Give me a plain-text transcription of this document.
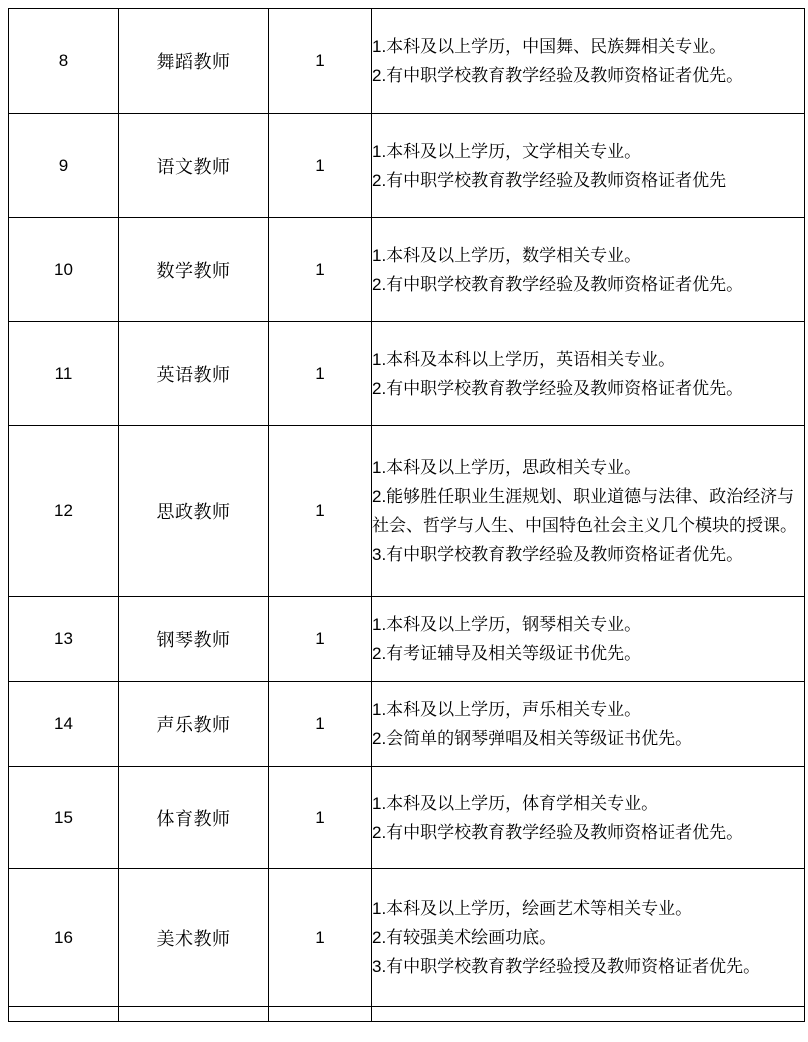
8	舞蹈教师	1	1.本科及以上学历，中国舞、民族舞相关专业。
2.有中职学校教育教学经验及教师资格证者优先。

9	语文教师	1	1.本科及以上学历，文学相关专业。
2.有中职学校教育教学经验及教师资格证者优先

10	数学教师	1	1.本科及以上学历，数学相关专业。
2.有中职学校教育教学经验及教师资格证者优先。

11	英语教师	1	1.本科及本科以上学历，英语相关专业。
2.有中职学校教育教学经验及教师资格证者优先。

12	思政教师	1	1.本科及以上学历，思政相关专业。
2.能够胜任职业生涯规划、职业道德与法律、政治经济与社会、哲学与人生、中国特色社会主义几个模块的授课。
3.有中职学校教育教学经验及教师资格证者优先。

13	钢琴教师	1	1.本科及以上学历，钢琴相关专业。
2.有考证辅导及相关等级证书优先。

14	声乐教师	1	1.本科及以上学历，声乐相关专业。
2.会简单的钢琴弹唱及相关等级证书优先。

15	体育教师	1	1.本科及以上学历，体育学相关专业。
2.有中职学校教育教学经验及教师资格证者优先。

16	美术教师	1	1.本科及以上学历，绘画艺术等相关专业。
2.有较强美术绘画功底。
3.有中职学校教育教学经验授及教师资格证者优先。
